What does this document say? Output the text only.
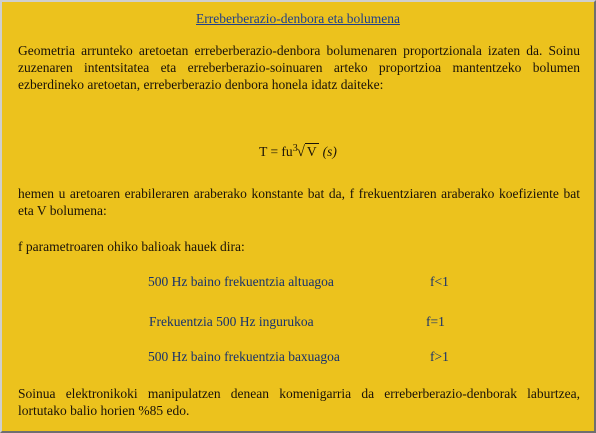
Erreberberazio-denbora eta bolumena
Geometria arrunteko aretoetan erreberberazio-denbora bolumenaren proportzionala izaten da. Soinu zuzenaren intentsitatea eta erreberberazio-soinuaren arteko proportzioa mantentzeko bolumen ezberdineko aretoetan, erreberberazio denbora honela idatz daiteke:
$T = fu^3√$ V (s)
hemen u aretoaren erabileraren araberako konstante bat da, f frekuentziaren araberako koefiziente bat eta V bolumena:
f parametroaren ohiko balioak hauek dira:
500 Hz baino frekuentzia altuagoa	f<1
Frekuentzia 500 Hz ingurukoa	f=1
500 Hz baino frekuentzia baxuagoa	f>1
Soinua elektronikoki manipulatzen denean komenigarria da erreberberazio-denborak laburtzea, lortutako balio horien %85 edo.
